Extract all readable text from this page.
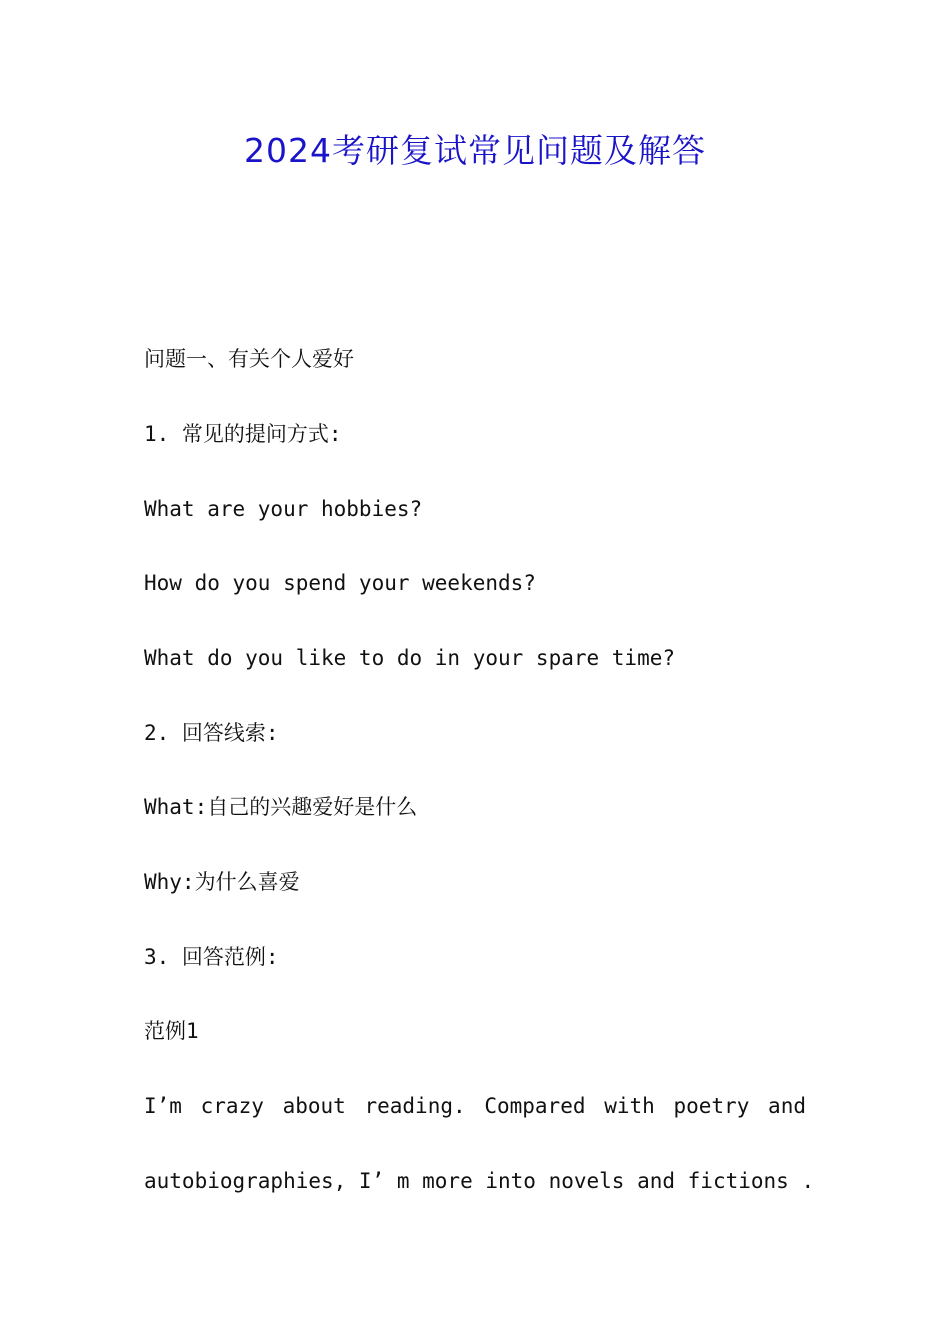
2024考研复试常见问题及解答

问题一、有关个人爱好

1. 常见的提问方式:

What are your hobbies?

How do you spend your weekends?

What do you like to do in your spare time?

2. 回答线索:

What:自己的兴趣爱好是什么

Why:为什么喜爱

3. 回答范例:

范例1

I’m crazy about reading. Compared with poetry and

autobiographies, I’ m more into novels and fictions .
